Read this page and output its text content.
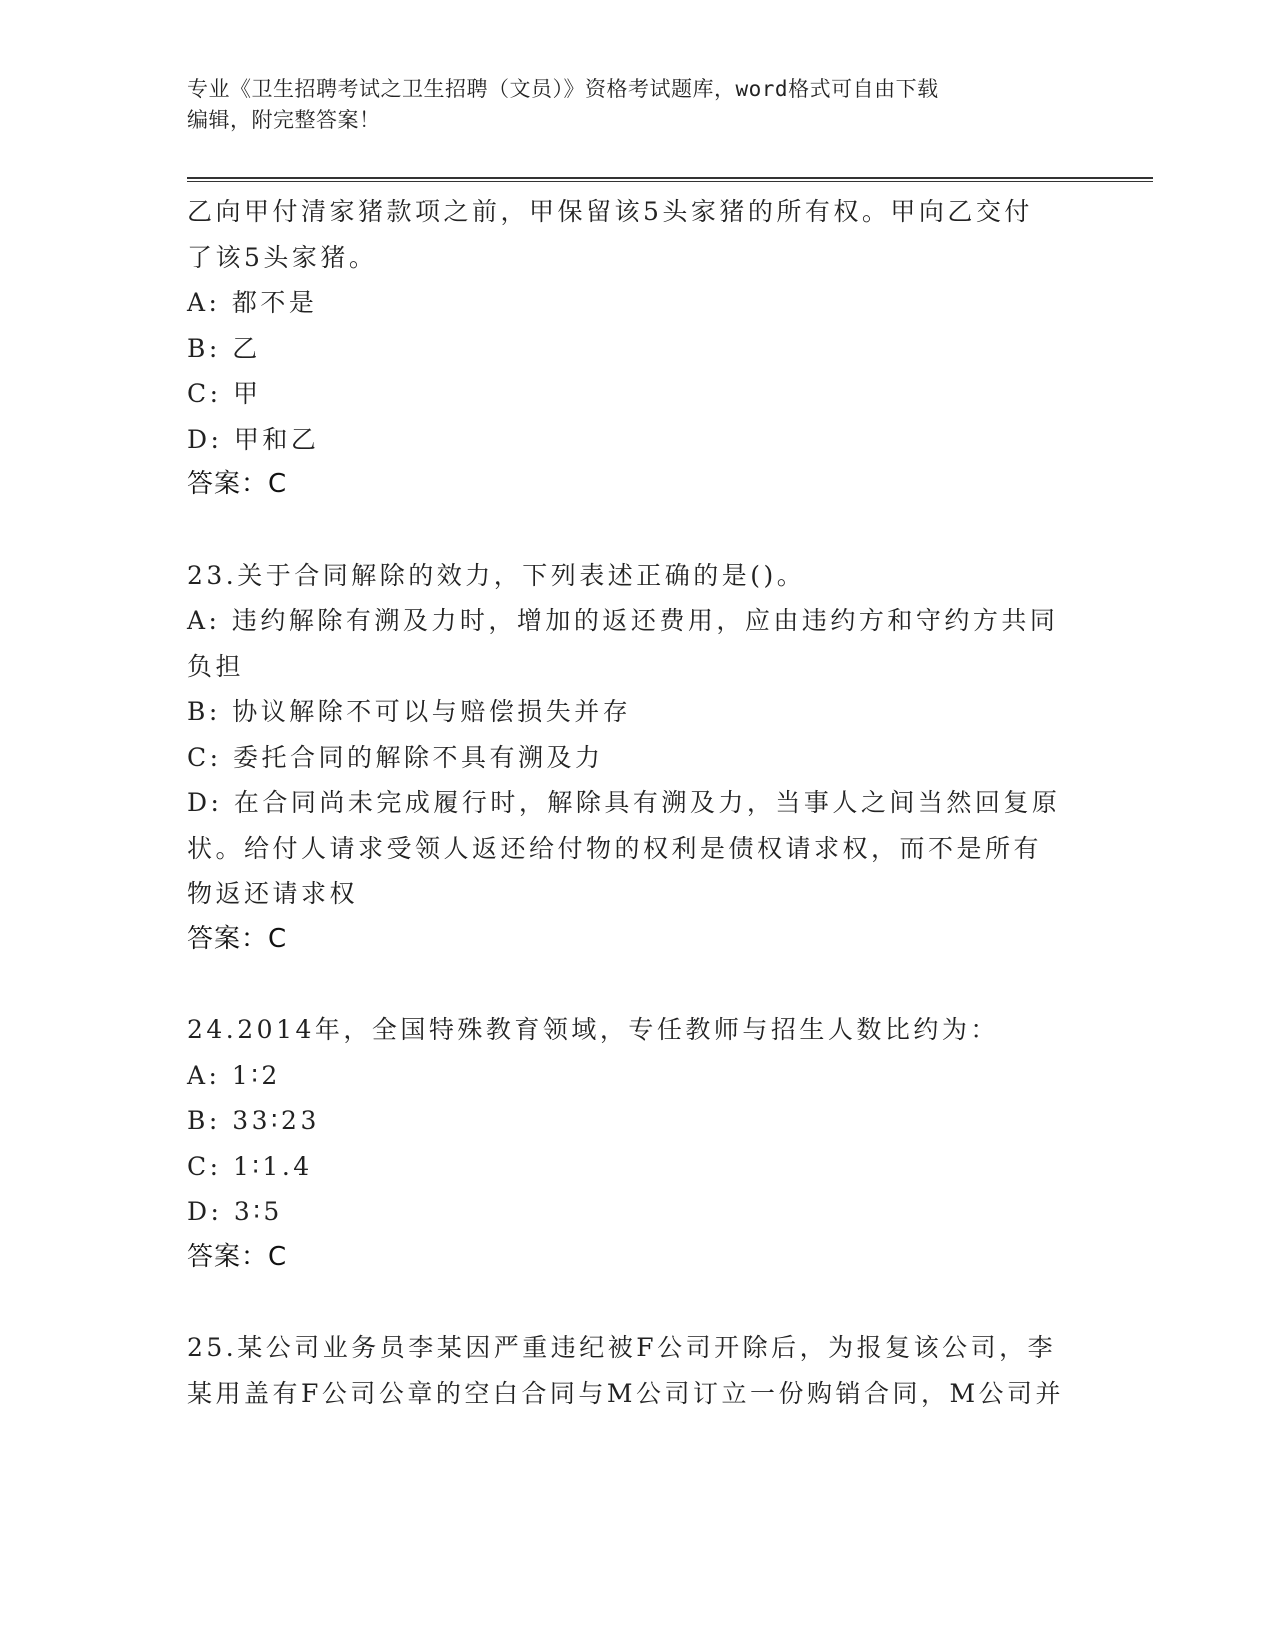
专业《卫生招聘考试之卫生招聘（文员）》资格考试题库，word格式可自由下载
编辑，附完整答案！
乙向甲付清家猪款项之前，甲保留该5头家猪的所有权。甲向乙交付
了该5头家猪。
A: 都不是
B: 乙
C: 甲
D: 甲和乙
答案：C
23.关于合同解除的效力，下列表述正确的是()。
A: 违约解除有溯及力时，增加的返还费用，应由违约方和守约方共同
负担
B: 协议解除不可以与赔偿损失并存
C: 委托合同的解除不具有溯及力
D: 在合同尚未完成履行时，解除具有溯及力，当事人之间当然回复原
状。给付人请求受领人返还给付物的权利是债权请求权，而不是所有
物返还请求权
答案：C
24.2014年，全国特殊教育领域，专任教师与招生人数比约为：
A: 1∶2
B: 33∶23
C: 1∶1.4
D: 3∶5
答案：C
25.某公司业务员李某因严重违纪被F公司开除后，为报复该公司，李
某用盖有F公司公章的空白合同与M公司订立一份购销合同，M公司并
